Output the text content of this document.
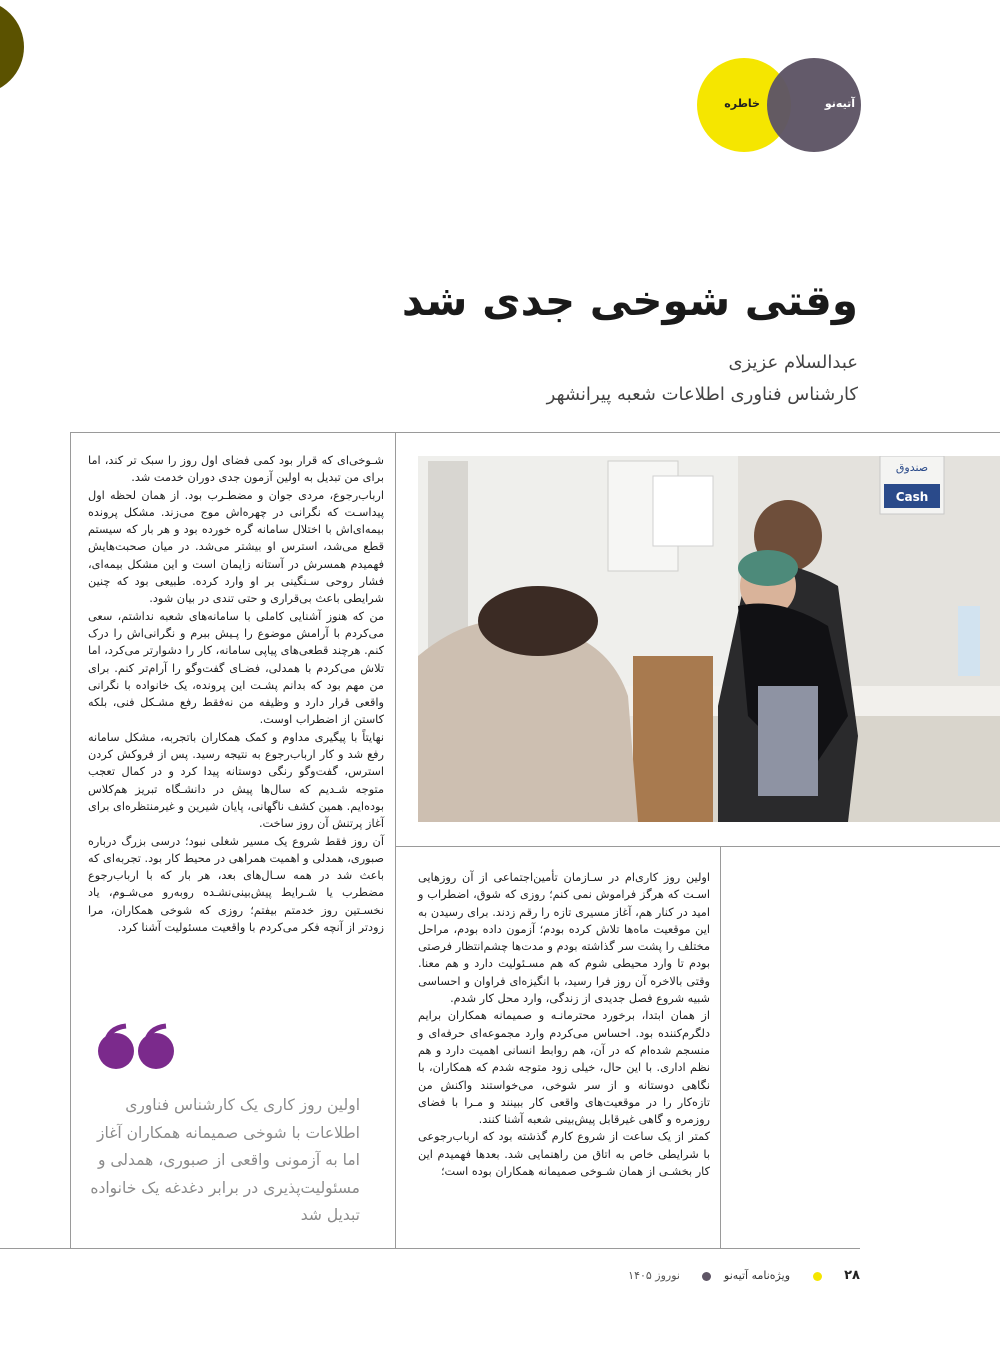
آتیه‌نو
خاطره
وقتی شوخی جدی شد
عبدالسلام عزیزی
کارشناس فناوری اطلاعات شعبه پیرانشهر

شـوخی‌ای که قرار بود کمی فضای اول روز را سبک‌ تر کند، اما برای من تبدیل به اولین آزمون جدی دوران خدمت شد.

ارباب‌رجوع، مردی جوان و مضطـرب بود. از همان لحظه اول پیداسـت که نگرانی در چهره‌اش موج می‌زند. مشکل پرونده بیمه‌ای‌اش با اختلال سامانه گره خورده بود و هر بار که سیستم قطع می‌شد، استرس او بیشتر می‌شد. در میان صحبت‌هایش فهمیدم همسرش در آستانه زایمان است و این مشکل بیمه‌ای، فشار روحی سـنگینی بر او وارد کرده. طبیعی بود که چنین شرایطی باعث بی‌قراری و حتی تندی در بیان شود.

من که هنوز آشنایی کاملی با سامانه‌های شعبه نداشتم، سعی می‌کردم با آرامش موضوع را پـیش ببرم و نگرانی‌اش را درک کنم. هرچند قطعی‌های پیاپی سامانه، کار را دشوارتر می‌کرد، اما تلاش می‌کردم با همدلی، فضـای گفت‌وگو را آرام‌تر کنم. برای من مهم بود که بدانم پشـت این پرونده، یک خانواده با نگرانی واقعی قرار دارد و وظیفه من نه‌فقط رفع مشـکل فنی، بلکه کاستن از اضطراب اوست.

نهایتاً با پیگیری مداوم و کمک همکاران باتجربه، مشکل سامانه رفع شد و کار ارباب‌رجوع به نتیجه رسید. پس از فروکش کردن استرس، گفت‌وگو رنگی دوستانه پیدا کرد و در کمال تعجب متوجه شـدیم که سال‌ها پیش در دانشـگاه تبریز هم‌کلاس بوده‌ایم. همین کشف ناگهانی، پایان شیرین و غیرمنتظره‌ای برای آغاز پرتنش آن روز ساخت.

آن روز فقط شروع یک مسیر شغلی نبود؛ درسی بزرگ درباره صبوری، همدلی و اهمیت همراهی در محیط کار بود. تجربه‌ای که باعث شد در همه سـال‌های بعد، هر بار که با ارباب‌رجوع مضطرب یا شـرایط پیش‌بینی‌نشـده روبه‌رو می‌شـوم، یاد نخسـتین روز خدمتم بیفتم؛ روزی که شوخی همکاران، مرا زودتر از آنچه فکر می‌کردم با واقعیت مسئولیت آشنا کرد.

اولین روز کاری یک کارشناس فناوری اطلاعات با شوخی صمیمانه همکاران آغاز اما به آزمونی واقعی از صبوری، همدلی و مسئولیت‌پذیری در برابر دغدغه یک خانواده تبدیل شد
صندوق
Cash

اولین روز کاری‌ام در سـازمان تأمین‌اجتماعی از آن روزهایی اسـت که هرگز فراموش نمی‌ کنم؛ روزی که شوق، اضطراب و امید در کنار هم، آغاز مسیری تازه را رقم زدند. برای رسیدن به این موقعیت ماه‌ها تلاش کرده بودم؛ آزمون داده بودم، مراحل مختلف را پشت سر گذاشته بودم و مدت‌ها چشم‌انتظار فرصتی بودم تا وارد محیطی شوم که هم مسـئولیت دارد و هم معنا. وقتی بالاخره آن روز فرا رسید، با انگیزه‌ای فراوان و احساسی شبیه شروع فصل جدیدی از زندگی، وارد محل کار شدم.

از همان ابتدا، برخورد محترمانـه و صمیمانه همکاران برایم دلگرم‌کننده بود. احساس می‌کردم وارد مجموعه‌ای حرفه‌ای و منسجم شده‌ام که در آن، هم روابط انسانی اهمیت دارد و هم نظم اداری. با این حال، خیلی زود متوجه شدم که همکاران، با نگاهی دوستانه و از سر شوخی، می‌خواستند واکنش من تازه‌کار را در موقعیت‌های واقعی کار ببینند و مـرا با فضای روزمره و گاهی غیرقابل پیش‌بینی شعبه آشنا کنند.

کمتر از یک ساعت از شروع کارم گذشته بود که ارباب‌رجوعی با شرایطی خاص به اتاق من راهنمایی شد. بعدها فهمیدم این کار بخشـی از همان شـوخی صمیمانه همکاران بوده است؛

۲۸
ویژه‌نامه آتیه‌نو
نوروز ۱۴۰۵
